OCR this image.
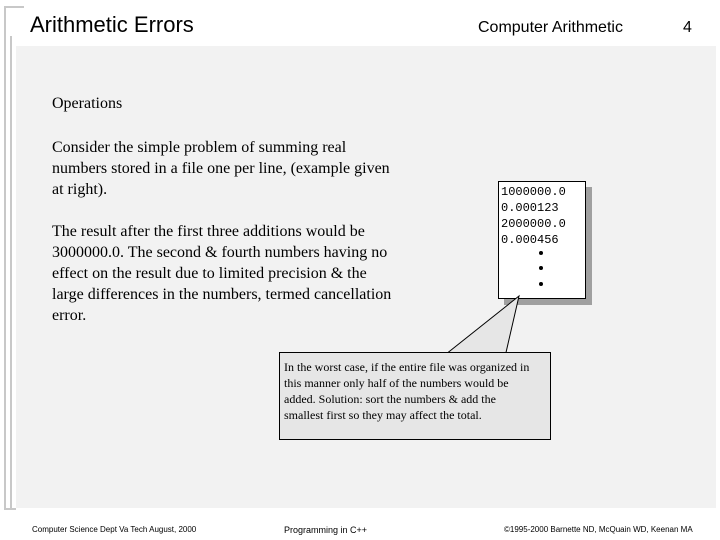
Arithmetic Errors	Computer Arithmetic	4
Operations
Consider the simple problem of summing real numbers stored in a file one per line, (example given at right).
The result after the first three additions would be 3000000.0. The second & fourth numbers having no effect on the result due to limited precision & the large differences in the numbers, termed cancellation error.
1000000.0
0.000123
2000000.0
0.000456
In the worst case, if the entire file was organized in this manner only half of the numbers would be added. Solution: sort the numbers & add the smallest first so they may affect the total.
Computer Science Dept Va Tech August, 2000	Programming in C++	©1995-2000 Barnette ND, McQuain WD, Keenan MA
